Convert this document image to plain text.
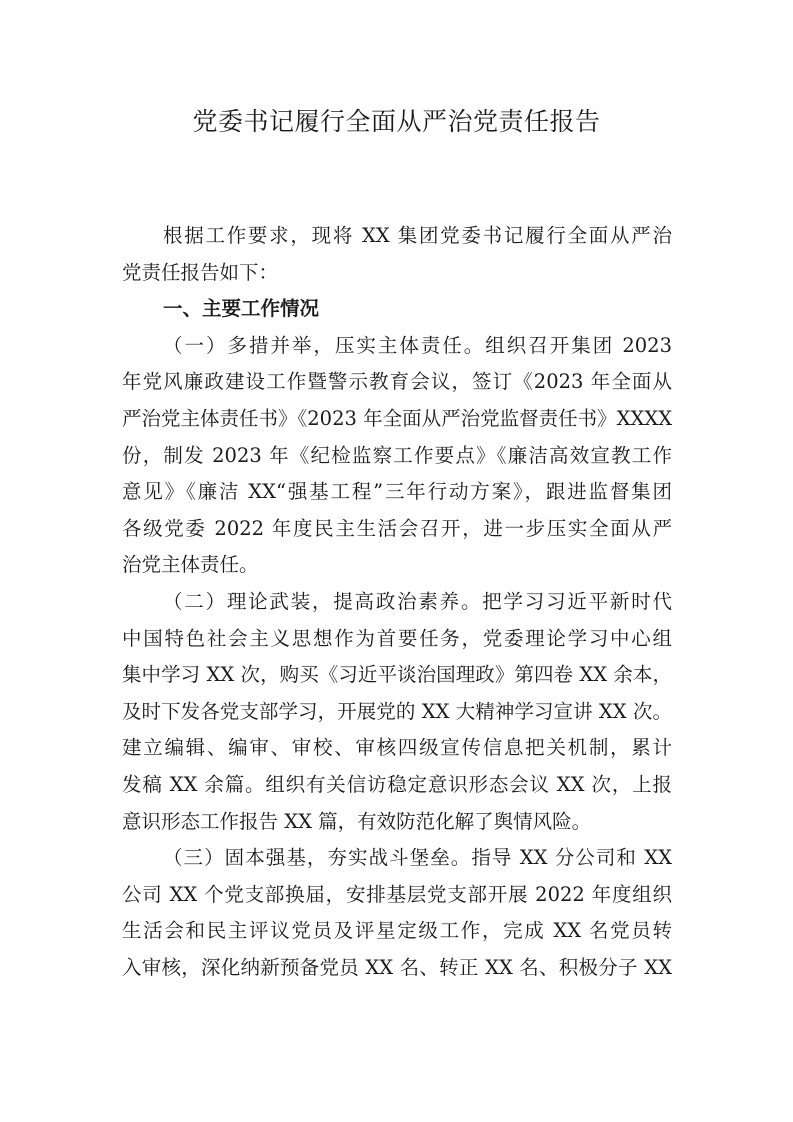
党委书记履行全面从严治党责任报告
根据工作要求，现将 XX 集团党委书记履行全面从严治
党责任报告如下：
一、主要工作情况
（一）多措并举，压实主体责任。组织召开集团 2023
年党风廉政建设工作暨警示教育会议，签订《2023 年全面从
严治党主体责任书》《2023 年全面从严治党监督责任书》XXXX
份，制发 2023 年《纪检监察工作要点》《廉洁高效宣教工作
意见》《廉洁 XX“强基工程”三年行动方案》，跟进监督集团
各级党委 2022 年度民主生活会召开，进一步压实全面从严
治党主体责任。
（二）理论武装，提高政治素养。把学习习近平新时代
中国特色社会主义思想作为首要任务，党委理论学习中心组
集中学习 XX 次，购买《习近平谈治国理政》第四卷 XX 余本，
及时下发各党支部学习，开展党的 XX 大精神学习宣讲 XX 次。
建立编辑、编审、审校、审核四级宣传信息把关机制，累计
发稿 XX 余篇。组织有关信访稳定意识形态会议 XX 次，上报
意识形态工作报告 XX 篇，有效防范化解了舆情风险。
（三）固本强基，夯实战斗堡垒。指导 XX 分公司和 XX
公司 XX 个党支部换届，安排基层党支部开展 2022 年度组织
生活会和民主评议党员及评星定级工作，完成 XX 名党员转
入审核，深化纳新预备党员 XX 名、转正 XX 名、积极分子 XX
